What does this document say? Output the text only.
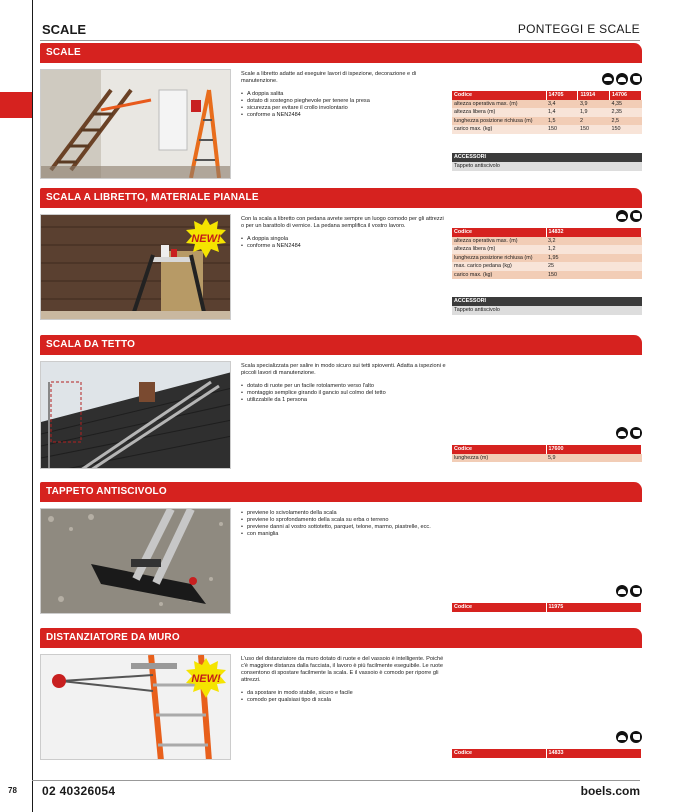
SCALE	PONTEGGI E SCALE
SCALE

Scale a libretto adatte ad eseguire lavori di ispezione, decorazione e di manutenzione.

• A doppia salita
• dotato di sostegno pieghevole per tenere la presa
• sicurezza per evitare il crollo involontario
• conforme a NEN2484
Codice	14705	11914	14706
altezza operativa max. (m)	3,4	3,9	4,35
altezza libera (m)	1,4	1,9	2,35
lunghezza posizione richiusa (m)	1,5	2	2,5
carico max. (kg)	150	150	150
ACCESSORI
Tappeto antiscivolo
SCALA A LIBRETTO, MATERIALE PIANALE
NEW!

Con la scala a libretto con pedana avrete sempre un luogo comodo per gli attrezzi o per un barattolo di vernice. La pedana semplifica il vostro lavoro.

• A doppia singola
• conforme a NEN2484
Codice	14832
altezza operativa max. (m)	3,2
altezza libera (m)	1,2
lunghezza posizione richiusa (m)	1,95
max. carico pedana (kg)	25
carico max. (kg)	150
ACCESSORI
Tappeto antiscivolo
SCALA DA TETTO

Scala specializzata per salire in modo sicuro sui tetti spioventi. Adatta a ispezioni e piccoli lavori di manutenzione.

• dotato di ruote per un facile rotolamento verso l'alto
• montaggio semplice girando il gancio sul colmo del tetto
• utilizzabile da 1 persona
Codice	17600
lunghezza (m)	5,9
TAPPETO ANTISCIVOLO
• previene lo scivolamento della scala
• previene lo sprofondamento della scala su erba o terreno
• previene danni al vostro sottotetto, parquet, telone, marmo, piastrelle, ecc.
• con maniglia
Codice	11975
DISTANZIATORE DA MURO
NEW!

L'uso del distanziatore da muro dotato di ruote e del vassoio è intelligente. Poiché c'è maggiore distanza dalla facciata, il lavoro è più facilmente eseguibile. Le ruote consentono di spostare facilmente la scala. E il vassoio è comodo per riporre gli attrezzi.

• da spostare in modo stabile, sicuro e facile
• comodo per qualsiasi tipo di scala
Codice	14833
78 02 40326054	boels.com
